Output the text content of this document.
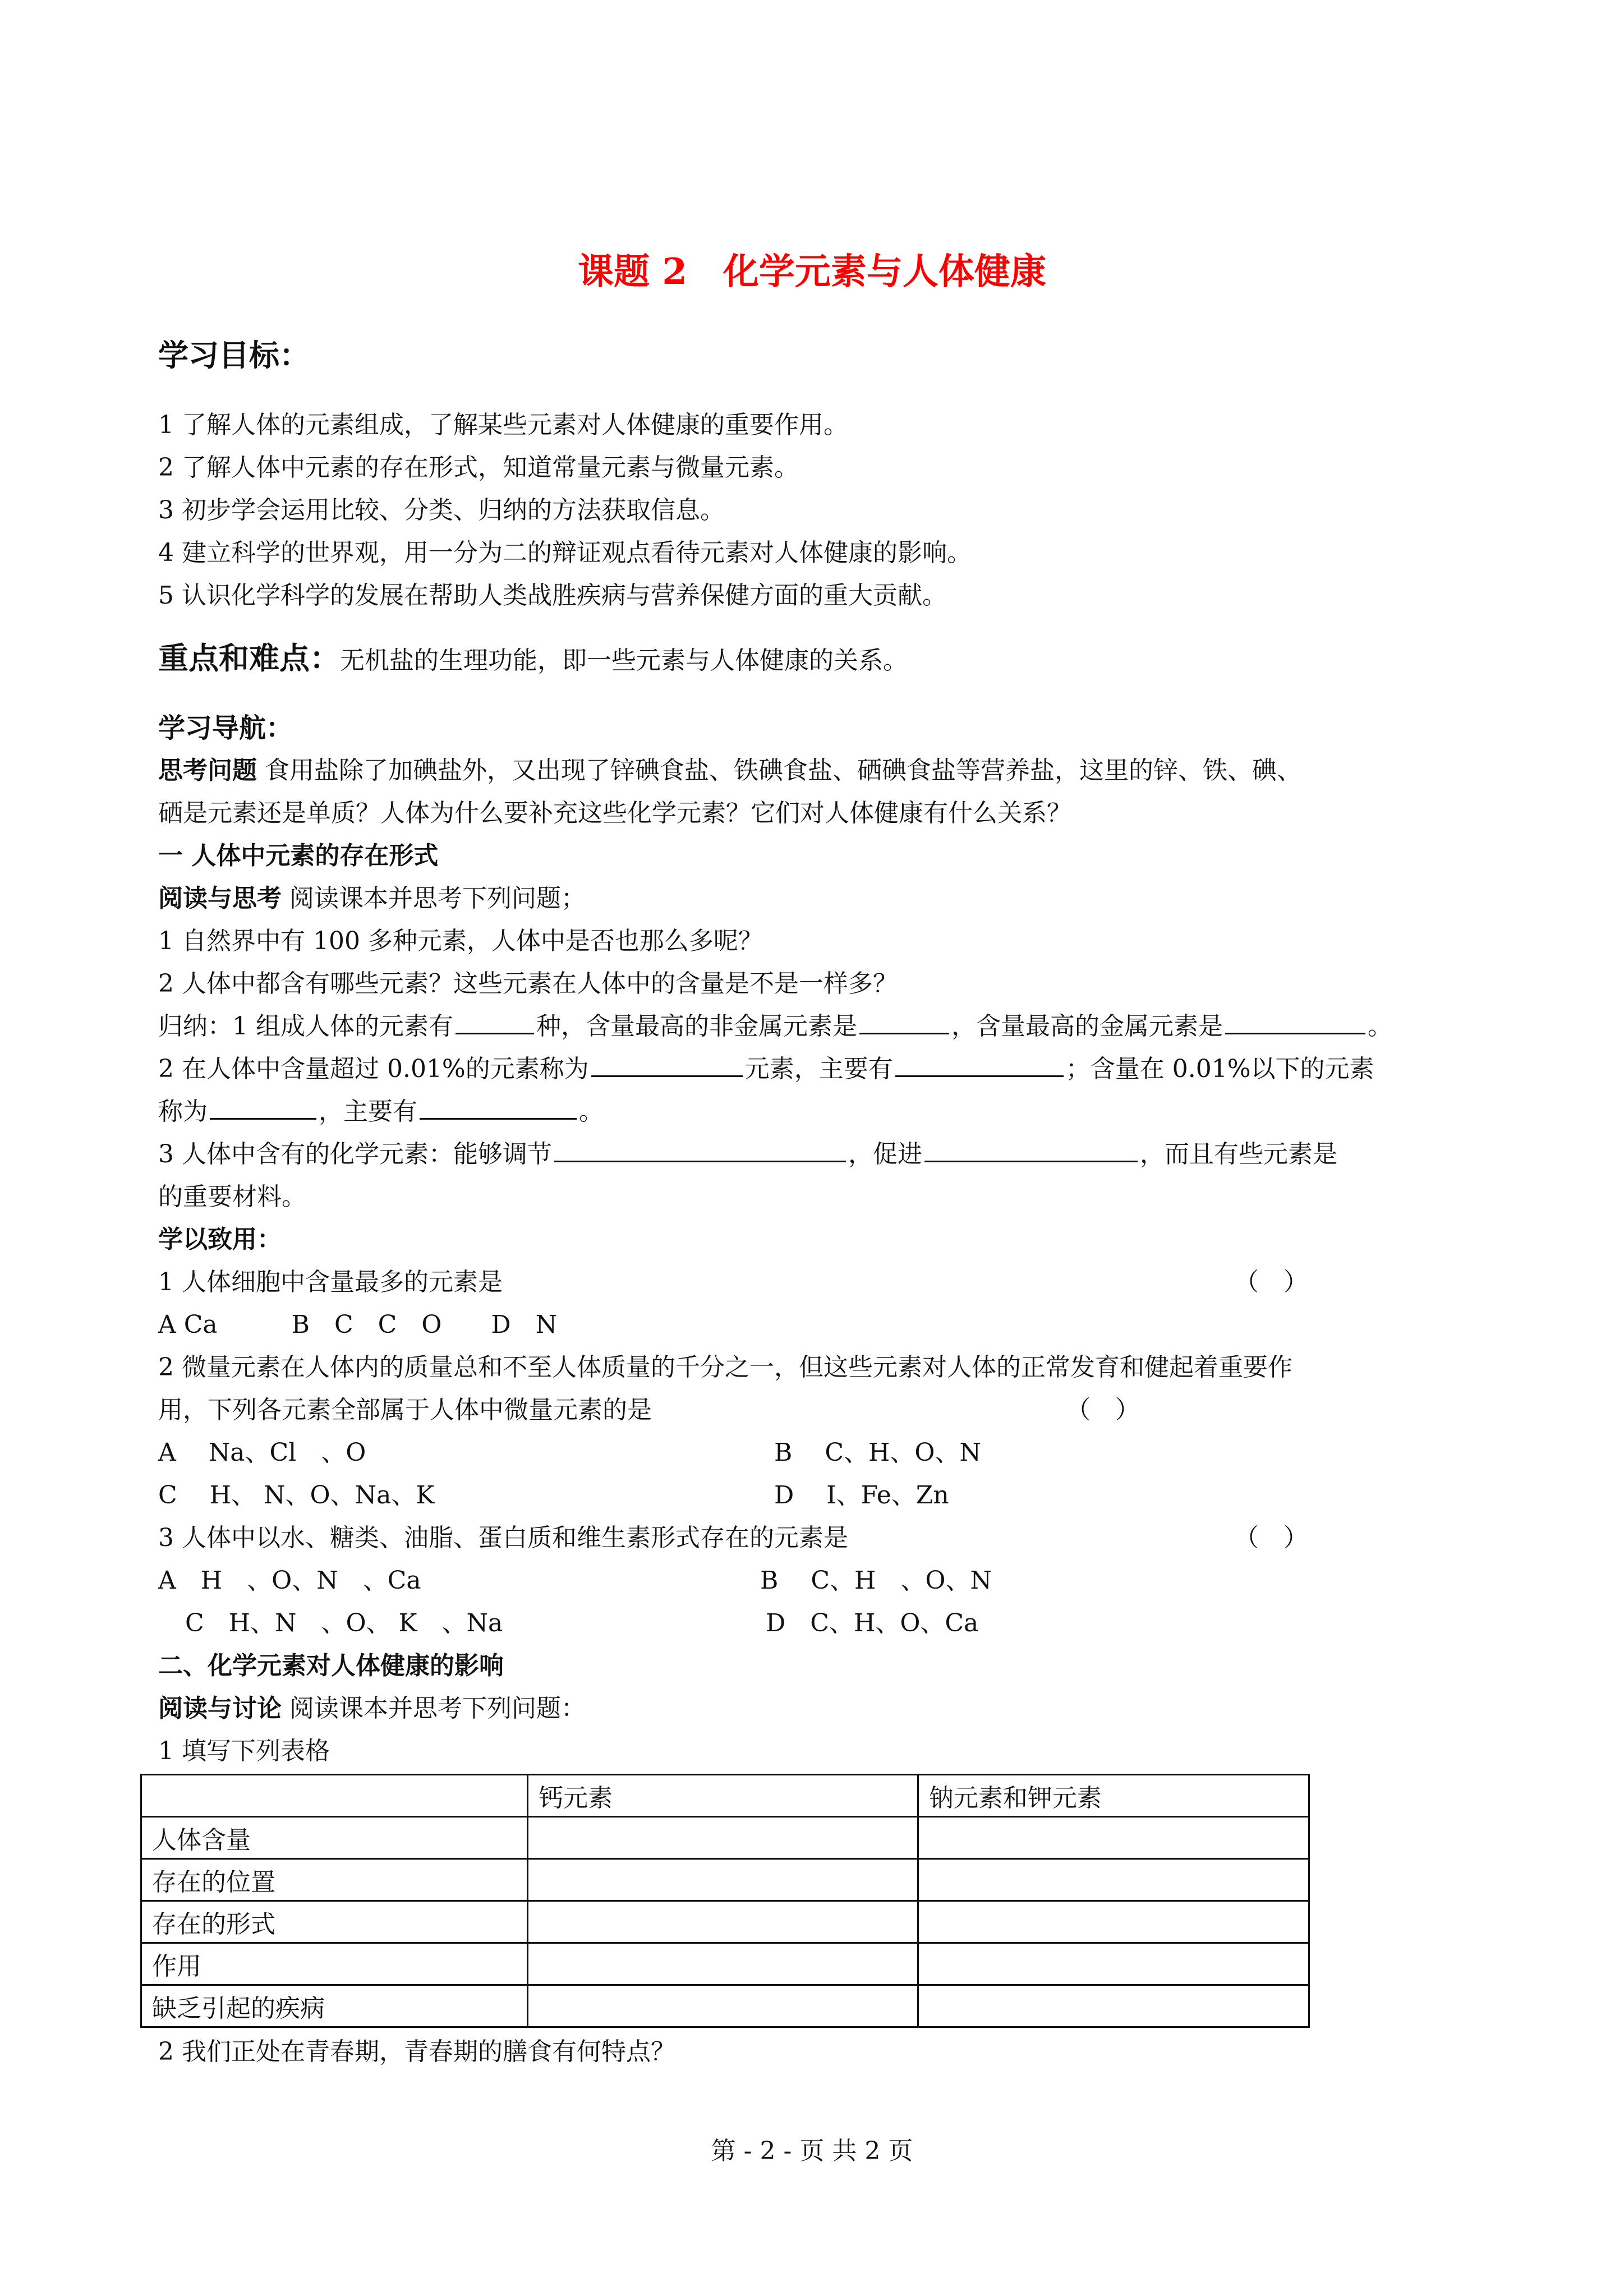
课题 2　化学元素与人体健康
学习目标：
1 了解人体的元素组成，了解某些元素对人体健康的重要作用。
2 了解人体中元素的存在形式，知道常量元素与微量元素。
3 初步学会运用比较、分类、归纳的方法获取信息。
4 建立科学的世界观，用一分为二的辩证观点看待元素对人体健康的影响。
5 认识化学科学的发展在帮助人类战胜疾病与营养保健方面的重大贡献。
重点和难点：无机盐的生理功能，即一些元素与人体健康的关系。
学习导航：
思考问题 食用盐除了加碘盐外，又出现了锌碘食盐、铁碘食盐、硒碘食盐等营养盐，这里的锌、铁、碘、
硒是元素还是单质？人体为什么要补充这些化学元素？它们对人体健康有什么关系？
一 人体中元素的存在形式
阅读与思考 阅读课本并思考下列问题；
1 自然界中有 100 多种元素，人体中是否也那么多呢？
2 人体中都含有哪些元素？这些元素在人体中的含量是不是一样多？
归纳：1 组成人体的元素有	种，含量最高的非金属元素是	，含量最高的金属元素是	。
2 在人体中含量超过 0.01%的元素称为	元素，主要有	；含量在 0.01%以下的元素
称为	，主要有	。
3 人体中含有的化学元素：能够调节	，促进	，而且有些元素是
的重要材料。
学以致用：
1 人体细胞中含量最多的元素是	（　）
A Ca　　　B　C　C　O　　D　N
2 微量元素在人体内的质量总和不至人体质量的千分之一，但这些元素对人体的正常发育和健起着重要作
用，下列各元素全部属于人体中微量元素的是	（　）
A　 Na、Cl　、O	B　 C、H、O、N
C　 H、 N、O、Na、K	D　 I、Fe、Zn
3 人体中以水、糖类、油脂、蛋白质和维生素形式存在的元素是	（　）
A　H　、O、N　、Ca	B　 C、H　、O、N
C　H、N　、O、 K　、Na	D　C、H、O、Ca
二、化学元素对人体健康的影响
阅读与讨论 阅读课本并思考下列问题：
1 填写下列表格
	钙元素	钠元素和钾元素
人体含量		
存在的位置		
存在的形式		
作用		
缺乏引起的疾病		
2 我们正处在青春期，青春期的膳食有何特点？
第 - 2 - 页 共 2 页
